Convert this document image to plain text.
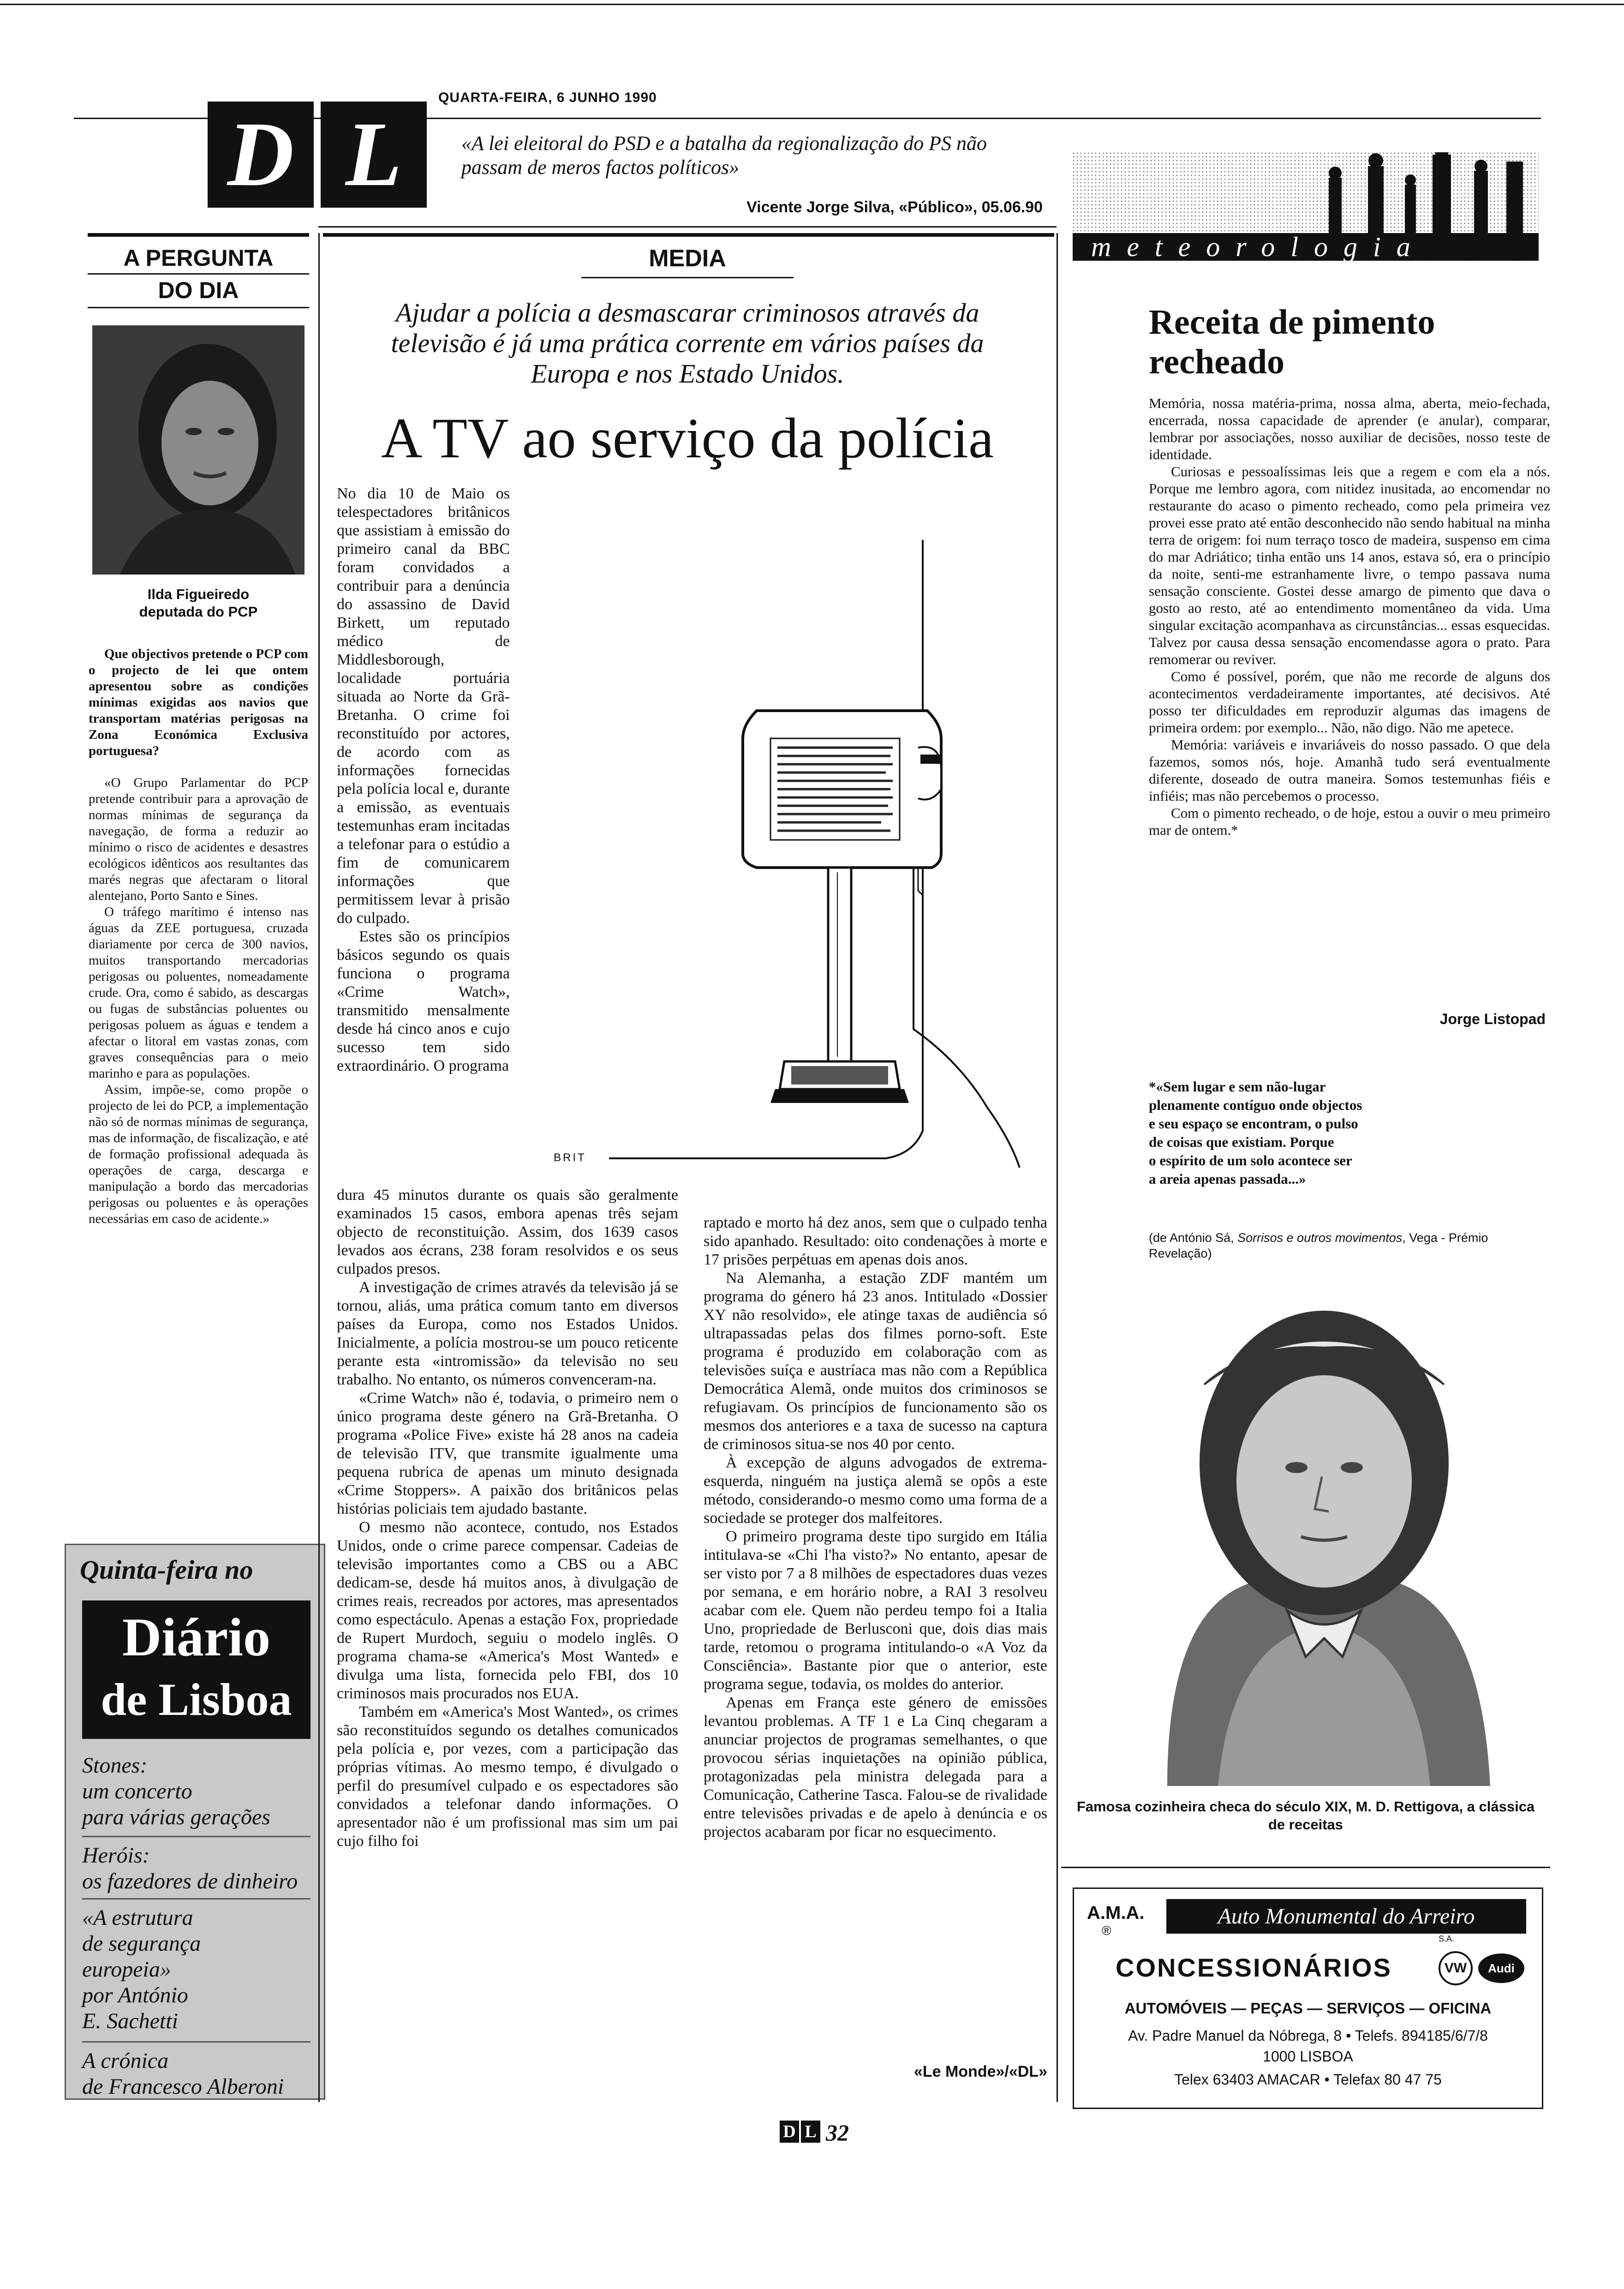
D L
QUARTA-FEIRA, 6 JUNHO 1990
«A lei eleitoral do PSD e a batalha da regionalização do PS não passam de meros factos políticos»
Vicente Jorge Silva, «Público», 05.06.90
A PERGUNTA
DO DIA
Ilda Figueiredo
deputada do PCP

Que objectivos pretende o PCP com o projecto de lei que ontem apresentou sobre as condições mínimas exigidas aos navios que transportam matérias perigosas na Zona Económica Exclusiva portuguesa?

«O Grupo Parlamentar do PCP pretende contribuir para a aprovação de normas mínimas de segurança da navegação, de forma a reduzir ao mínimo o risco de acidentes e desastres ecológicos idênticos aos resultantes das marés negras que afectaram o litoral alentejano, Porto Santo e Sines.

O tráfego marítimo é intenso nas águas da ZEE portuguesa, cruzada diariamente por cerca de 300 navios, muitos transportando mercadorias perigosas ou poluentes, nomeadamente crude. Ora, como é sabido, as descargas ou fugas de substâncias poluentes ou perigosas poluem as águas e tendem a afectar o litoral em vastas zonas, com graves consequências para o meio marinho e para as populações.

Assim, impõe-se, como propõe o projecto de lei do PCP, a implementação não só de normas mínimas de segurança, mas de informação, de fiscalização, e até de formação profissional adequada às operações de carga, descarga e manipulação a bordo das mercadorias perigosas ou poluentes e às operações necessárias em caso de acidente.»

Quinta-feira no
Diário
de Lisboa
Stones:
um concerto
para várias gerações
Heróis:
os fazedores de dinheiro
«A estrutura
de segurança
europeia»
por António
E. Sachetti
A crónica
de Francesco Alberoni
MEDIA
Ajudar a polícia a desmascarar criminosos através da televisão é já uma prática corrente em vários países da Europa e nos Estado Unidos.
A TV ao serviço da polícia

No dia 10 de Maio os telespectadores britânicos que assistiam à emissão do primeiro canal da BBC foram convidados a contribuir para a denúncia do assassino de David Birkett, um reputado médico de Middlesborough, localidade portuária situada ao Norte da Grã-Bretanha. O crime foi reconstituído por actores, de acordo com as informações fornecidas pela polícia local e, durante a emissão, as eventuais testemunhas eram incitadas a telefonar para o estúdio a fim de comunicarem informações que permitissem levar à prisão do culpado.

Estes são os princípios básicos segundo os quais funciona o programa «Crime Watch», transmitido mensalmente desde há cinco anos e cujo sucesso tem sido extraordinário. O programa

BRIT

dura 45 minutos durante os quais são geralmente examinados 15 casos, embora apenas três sejam objecto de reconstituição. Assim, dos 1639 casos levados aos écrans, 238 foram resolvidos e os seus culpados presos.

A investigação de crimes através da televisão já se tornou, aliás, uma prática comum tanto em diversos países da Europa, como nos Estados Unidos. Inicialmente, a polícia mostrou-se um pouco reticente perante esta «intromissão» da televisão no seu trabalho. No entanto, os números convenceram-na.

«Crime Watch» não é, todavia, o primeiro nem o único programa deste género na Grã-Bretanha. O programa «Police Five» existe há 28 anos na cadeia de televisão ITV, que transmite igualmente uma pequena rubrica de apenas um minuto designada «Crime Stoppers». A paixão dos britânicos pelas histórias policiais tem ajudado bastante.

O mesmo não acontece, contudo, nos Estados Unidos, onde o crime parece compensar. Cadeias de televisão importantes como a CBS ou a ABC dedicam-se, desde há muitos anos, à divulgação de crimes reais, recreados por actores, mas apresentados como espectáculo. Apenas a estação Fox, propriedade de Rupert Murdoch, seguiu o modelo inglês. O programa chama-se «America's Most Wanted» e divulga uma lista, fornecida pelo FBI, dos 10 criminosos mais procurados nos EUA.

Também em «America's Most Wanted», os crimes são reconstituídos segundo os detalhes comunicados pela polícia e, por vezes, com a participação das próprias vítimas. Ao mesmo tempo, é divulgado o perfil do presumível culpado e os espectadores são convidados a telefonar dando informações. O apresentador não é um profissional mas sim um pai cujo filho foi

raptado e morto há dez anos, sem que o culpado tenha sido apanhado. Resultado: oito condenações à morte e 17 prisões perpétuas em apenas dois anos.

Na Alemanha, a estação ZDF mantém um programa do género há 23 anos. Intitulado «Dossier XY não resolvido», ele atinge taxas de audiência só ultrapassadas pelas dos filmes porno-soft. Este programa é produzido em colaboração com as televisões suíça e austríaca mas não com a República Democrática Alemã, onde muitos dos criminosos se refugiavam. Os princípios de funcionamento são os mesmos dos anteriores e a taxa de sucesso na captura de criminosos situa-se nos 40 por cento.

À excepção de alguns advogados de extrema-esquerda, ninguém na justiça alemã se opôs a este método, considerando-o mesmo como uma forma de a sociedade se proteger dos malfeitores.

O primeiro programa deste tipo surgido em Itália intitulava-se «Chi l'ha visto?» No entanto, apesar de ser visto por 7 a 8 milhões de espectadores duas vezes por semana, e em horário nobre, a RAI 3 resolveu acabar com ele. Quem não perdeu tempo foi a Italia Uno, propriedade de Berlusconi que, dois dias mais tarde, retomou o programa intitulando-o «A Voz da Consciência». Bastante pior que o anterior, este programa segue, todavia, os moldes do anterior.

Apenas em França este género de emissões levantou problemas. A TF 1 e La Cinq chegaram a anunciar projectos de programas semelhantes, o que provocou sérias inquietações na opinião pública, protagonizadas pela ministra delegada para a Comunicação, Catherine Tasca. Falou-se de rivalidade entre televisões privadas e de apelo à denúncia e os projectos acabaram por ficar no esquecimento.

«Le Monde»/«DL»
meteorologia
Receita de pimento recheado

Memória, nossa matéria-prima, nossa alma, aberta, meio-fechada, encerrada, nossa capacidade de aprender (e anular), comparar, lembrar por associações, nosso auxiliar de decisões, nosso teste de identidade.

Curiosas e pessoalíssimas leis que a regem e com ela a nós. Porque me lembro agora, com nitidez inusitada, ao encomendar no restaurante do acaso o pimento recheado, como pela primeira vez provei esse prato até então desconhecido não sendo habitual na minha terra de origem: foi num terraço tosco de madeira, suspenso em cima do mar Adriático; tinha então uns 14 anos, estava só, era o princípio da noite, senti-me estranhamente livre, o tempo passava numa sensação consciente. Gostei desse amargo de pimento que dava o gosto ao resto, até ao entendimento momentâneo da vida. Uma singular excitação acompanhava as circunstâncias... essas esquecidas. Talvez por causa dessa sensação encomendasse agora o prato. Para remomerar ou reviver.

Como é possível, porém, que não me recorde de alguns dos acontecimentos verdadeiramente importantes, até decisivos. Até posso ter dificuldades em reproduzir algumas das imagens de primeira ordem: por exemplo... Não, não digo. Não me apetece.

Memória: variáveis e invariáveis do nosso passado. O que dela fazemos, somos nós, hoje. Amanhã tudo será eventualmente diferente, doseado de outra maneira. Somos testemunhas fiéis e infiéis; mas não percebemos o processo.

Com o pimento recheado, o de hoje, estou a ouvir o meu primeiro mar de ontem.*

Jorge Listopad
*«Sem lugar e sem não-lugar
plenamente contíguo onde objectos
e seu espaço se encontram, o pulso
de coisas que existiam. Porque
o espírito de um solo acontece ser
a areia apenas passada...»
(de António Sá, Sorrisos e outros movimentos, Vega - Prémio Revelação)
Famosa cozinheira checa do século XIX, M. D. Rettigova, a clássica de receitas
A.M.A.
®
Auto Monumental do Arreiro
S.A.
CONCESSIONÁRIOS	VW	Audi
AUTOMÓVEIS — PEÇAS — SERVIÇOS — OFICINA
Av. Padre Manuel da Nóbrega, 8 • Telefs. 894185/6/7/8
1000 LISBOA
Telex 63403 AMACAR • Telefax 80 47 75
D L 32
